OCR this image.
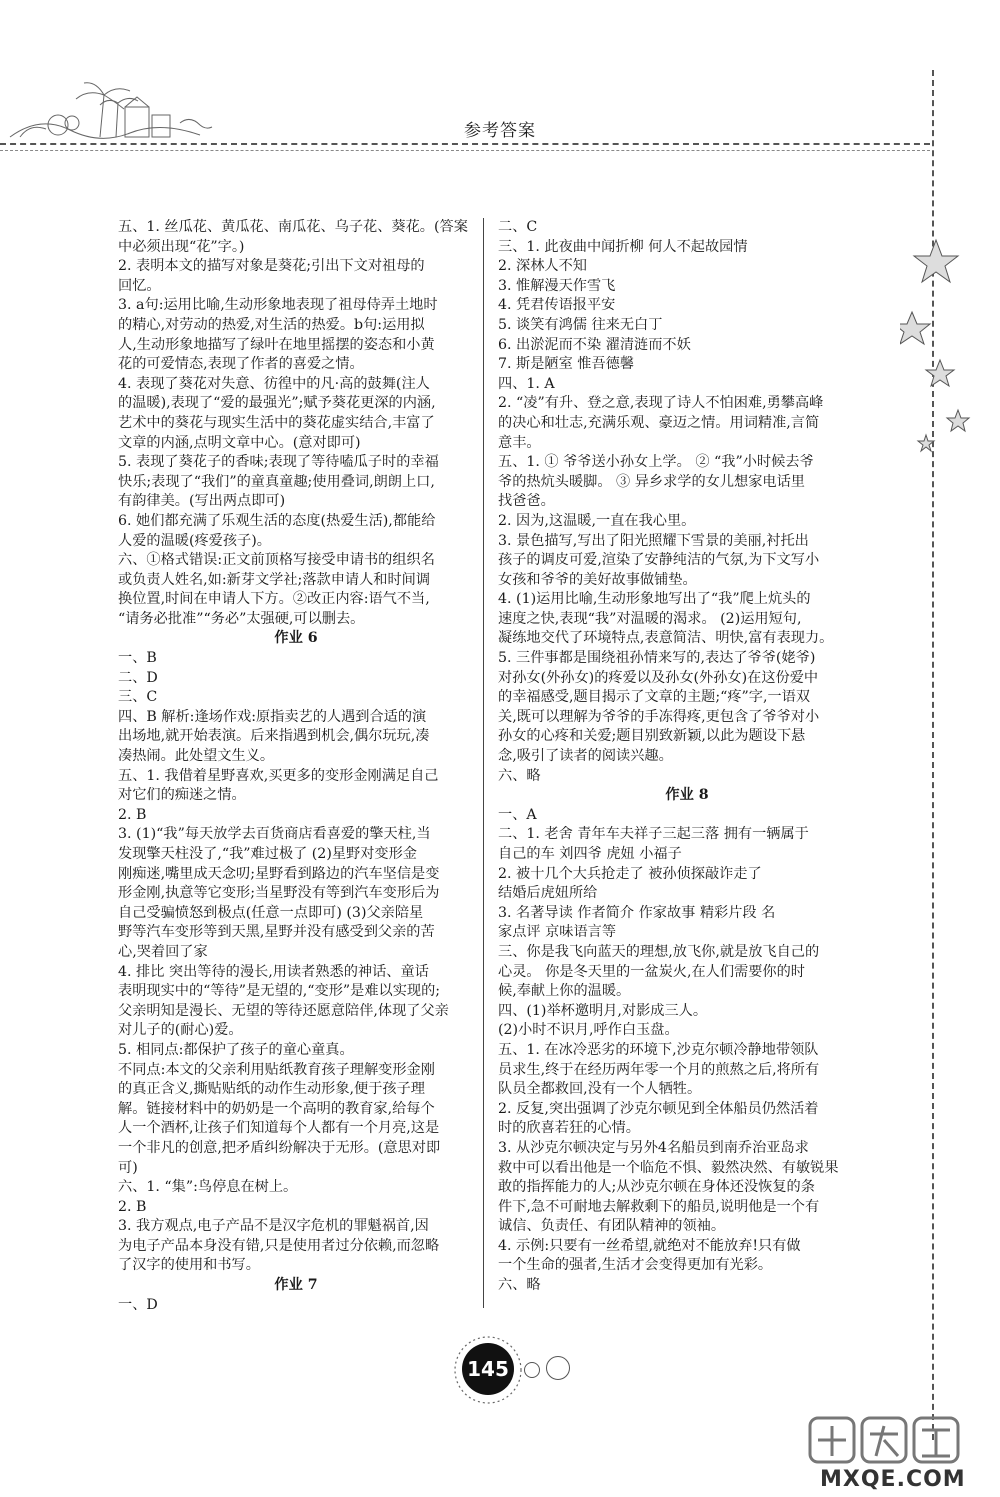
参考答案
五、1. 丝瓜花、黄瓜花、南瓜花、乌子花、葵花。(答案
中必须出现“花”字。)
2. 表明本文的描写对象是葵花;引出下文对祖母的
回忆。
3. a句:运用比喻,生动形象地表现了祖母侍弄土地时
的精心,对劳动的热爱,对生活的热爱。b句:运用拟
人,生动形象地描写了绿叶在地里摇摆的姿态和小黄
花的可爱情态,表现了作者的喜爱之情。
4. 表现了葵花对失意、彷徨中的凡·高的鼓舞(注人
的温暖),表现了“爱的最强光”;赋予葵花更深的内涵,
艺术中的葵花与现实生活中的葵花虚实结合,丰富了
文章的内涵,点明文章中心。(意对即可)
5. 表现了葵花子的香味;表现了等待嗑瓜子时的幸福
快乐;表现了“我们”的童真童趣;使用叠词,朗朗上口,
有韵律美。(写出两点即可)
6. 她们都充满了乐观生活的态度(热爱生活),都能给
人爱的温暖(疼爱孩子)。
六、①格式错误:正文前顶格写接受申请书的组织名
或负责人姓名,如:新芽文学社;落款申请人和时间调
换位置,时间在申请人下方。②改正内容:语气不当,
“请务必批准”“务必”太强硬,可以删去。
作业 6
一、B
二、D
三、C
四、B 解析:逢场作戏:原指卖艺的人遇到合适的演
出场地,就开始表演。后来指遇到机会,偶尔玩玩,凑
凑热闹。此处望文生义。
五、1. 我借着星野喜欢,买更多的变形金刚满足自己
对它们的痴迷之情。
2. B
3. (1)“我”每天放学去百货商店看喜爱的擎天柱,当
发现擎天柱没了,“我”难过极了 (2)星野对变形金
刚痴迷,嘴里成天念叨;星野看到路边的汽车坚信是变
形金刚,执意等它变形;当星野没有等到汽车变形后为
自己受骗愤怒到极点(任意一点即可) (3)父亲陪星
野等汽车变形等到天黑,星野并没有感受到父亲的苦
心,哭着回了家
4. 排比 突出等待的漫长,用读者熟悉的神话、童话
表明现实中的“等待”是无望的,“变形”是难以实现的;
父亲明知是漫长、无望的等待还愿意陪伴,体现了父亲
对儿子的(耐心)爱。
5. 相同点:都保护了孩子的童心童真。
不同点:本文的父亲利用贴纸教育孩子理解变形金刚
的真正含义,撕贴贴纸的动作生动形象,便于孩子理
解。链接材料中的奶奶是一个高明的教育家,给每个
人一个酒杯,让孩子们知道每个人都有一个月亮,这是
一个非凡的创意,把矛盾纠纷解决于无形。(意思对即
可)
六、1. “集”:鸟停息在树上。
2. B
3. 我方观点,电子产品不是汉字危机的罪魁祸首,因
为电子产品本身没有错,只是使用者过分依赖,而忽略
了汉字的使用和书写。
作业 7
一、D
二、C
三、1. 此夜曲中闻折柳 何人不起故园情
2. 深林人不知
3. 惟解漫天作雪飞
4. 凭君传语报平安
5. 谈笑有鸿儒 往来无白丁
6. 出淤泥而不染 濯清涟而不妖
7. 斯是陋室 惟吾德馨
四、1. A
2. “凌”有升、登之意,表现了诗人不怕困难,勇攀高峰
的决心和壮志,充满乐观、豪迈之情。用词精准,言简
意丰。
五、1. ① 爷爷送小孙女上学。 ② “我”小时候去爷
爷的热炕头暖脚。 ③ 异乡求学的女儿想家电话里
找爸爸。
2. 因为,这温暖,一直在我心里。
3. 景色描写,写出了阳光照耀下雪景的美丽,衬托出
孩子的调皮可爱,渲染了安静纯洁的气氛,为下文写小
女孩和爷爷的美好故事做铺垫。
4. (1)运用比喻,生动形象地写出了“我”爬上炕头的
速度之快,表现“我”对温暖的渴求。 (2)运用短句,
凝练地交代了环境特点,表意简洁、明快,富有表现力。
5. 三件事都是围绕祖孙情来写的,表达了爷爷(姥爷)
对孙女(外孙女)的疼爱以及孙女(外孙女)在这份爱中
的幸福感受,题目揭示了文章的主题;“疼”字,一语双
关,既可以理解为爷爷的手冻得疼,更包含了爷爷对小
孙女的心疼和关爱;题目别致新颖,以此为题设下悬
念,吸引了读者的阅读兴趣。
六、略
作业 8
一、A
二、1. 老舍 青年车夫祥子三起三落 拥有一辆属于
自己的车 刘四爷 虎妞 小福子
2. 被十几个大兵抢走了 被孙侦探敲诈走了
结婚后虎妞所给
3. 名著导读 作者简介 作家故事 精彩片段 名
家点评 京味语言等
三、你是我飞向蓝天的理想,放飞你,就是放飞自己的
心灵。 你是冬天里的一盆炭火,在人们需要你的时
候,奉献上你的温暖。
四、(1)举杯邀明月,对影成三人。
(2)小时不识月,呼作白玉盘。
五、1. 在冰冷恶劣的环境下,沙克尔顿冷静地带领队
员求生,终于在经历两年零一个月的煎熬之后,将所有
队员全都救回,没有一个人牺牲。
2. 反复,突出强调了沙克尔顿见到全体船员仍然活着
时的欣喜若狂的心情。
3. 从沙克尔顿决定与另外4名船员到南乔治亚岛求
救中可以看出他是一个临危不惧、毅然决然、有敏锐果
敢的指挥能力的人;从沙克尔顿在身体还没恢复的条
件下,急不可耐地去解救剩下的船员,说明他是一个有
诚信、负责任、有团队精神的领袖。
4. 示例:只要有一丝希望,就绝对不能放弃!只有做
一个生命的强者,生活才会变得更加有光彩。
六、略
145
MXQE.COM
